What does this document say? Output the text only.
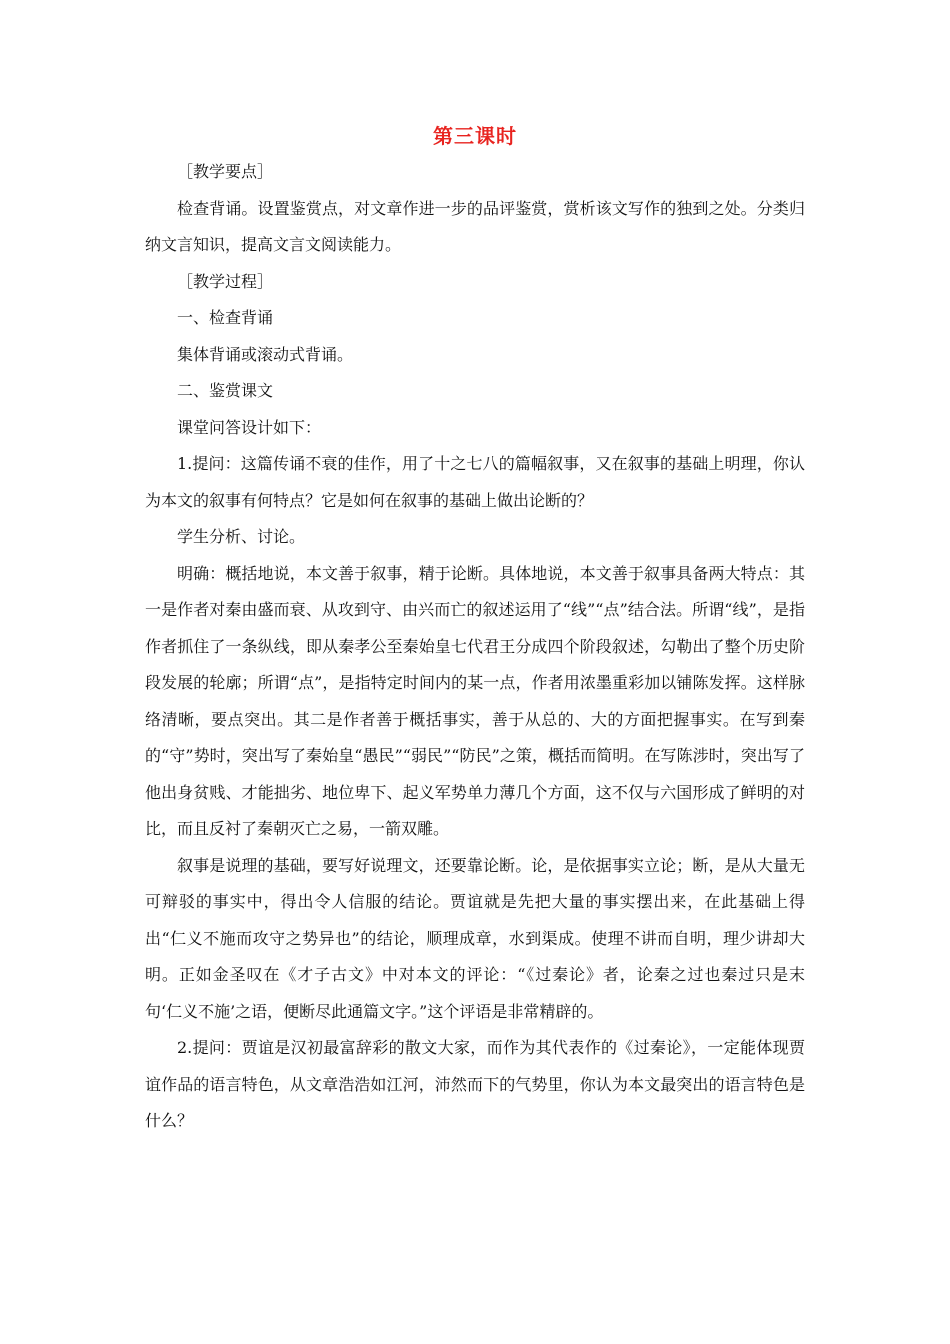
第三课时

［教学要点］

检查背诵。设置鉴赏点，对文章作进一步的品评鉴赏，赏析该文写作的独到之处。分类归纳文言知识，提高文言文阅读能力。

［教学过程］

一、检查背诵

集体背诵或滚动式背诵。

二、鉴赏课文

课堂问答设计如下：

1.提问：这篇传诵不衰的佳作，用了十之七八的篇幅叙事，又在叙事的基础上明理，你认为本文的叙事有何特点？它是如何在叙事的基础上做出论断的？

学生分析、讨论。

明确：概括地说，本文善于叙事，精于论断。具体地说，本文善于叙事具备两大特点：其一是作者对秦由盛而衰、从攻到守、由兴而亡的叙述运用了“线”“点”结合法。所谓“线”，是指作者抓住了一条纵线，即从秦孝公至秦始皇七代君王分成四个阶段叙述，勾勒出了整个历史阶段发展的轮廓；所谓“点”，是指特定时间内的某一点，作者用浓墨重彩加以铺陈发挥。这样脉络清晰，要点突出。其二是作者善于概括事实，善于从总的、大的方面把握事实。在写到秦的“守”势时，突出写了秦始皇“愚民”“弱民”“防民”之策，概括而简明。在写陈涉时，突出写了他出身贫贱、才能拙劣、地位卑下、起义军势单力薄几个方面，这不仅与六国形成了鲜明的对比，而且反衬了秦朝灭亡之易，一箭双雕。

叙事是说理的基础，要写好说理文，还要靠论断。论，是依据事实立论；断，是从大量无可辩驳的事实中，得出令人信服的结论。贾谊就是先把大量的事实摆出来，在此基础上得出“仁义不施而攻守之势异也”的结论，顺理成章，水到渠成。使理不讲而自明，理少讲却大明。正如金圣叹在《才子古文》中对本文的评论：“《过秦论》者，论秦之过也秦过只是末句‘仁义不施’之语，便断尽此通篇文字。”这个评语是非常精辟的。

2.提问：贾谊是汉初最富辞彩的散文大家，而作为其代表作的《过秦论》，一定能体现贾谊作品的语言特色，从文章浩浩如江河，沛然而下的气势里，你认为本文最突出的语言特色是什么？
